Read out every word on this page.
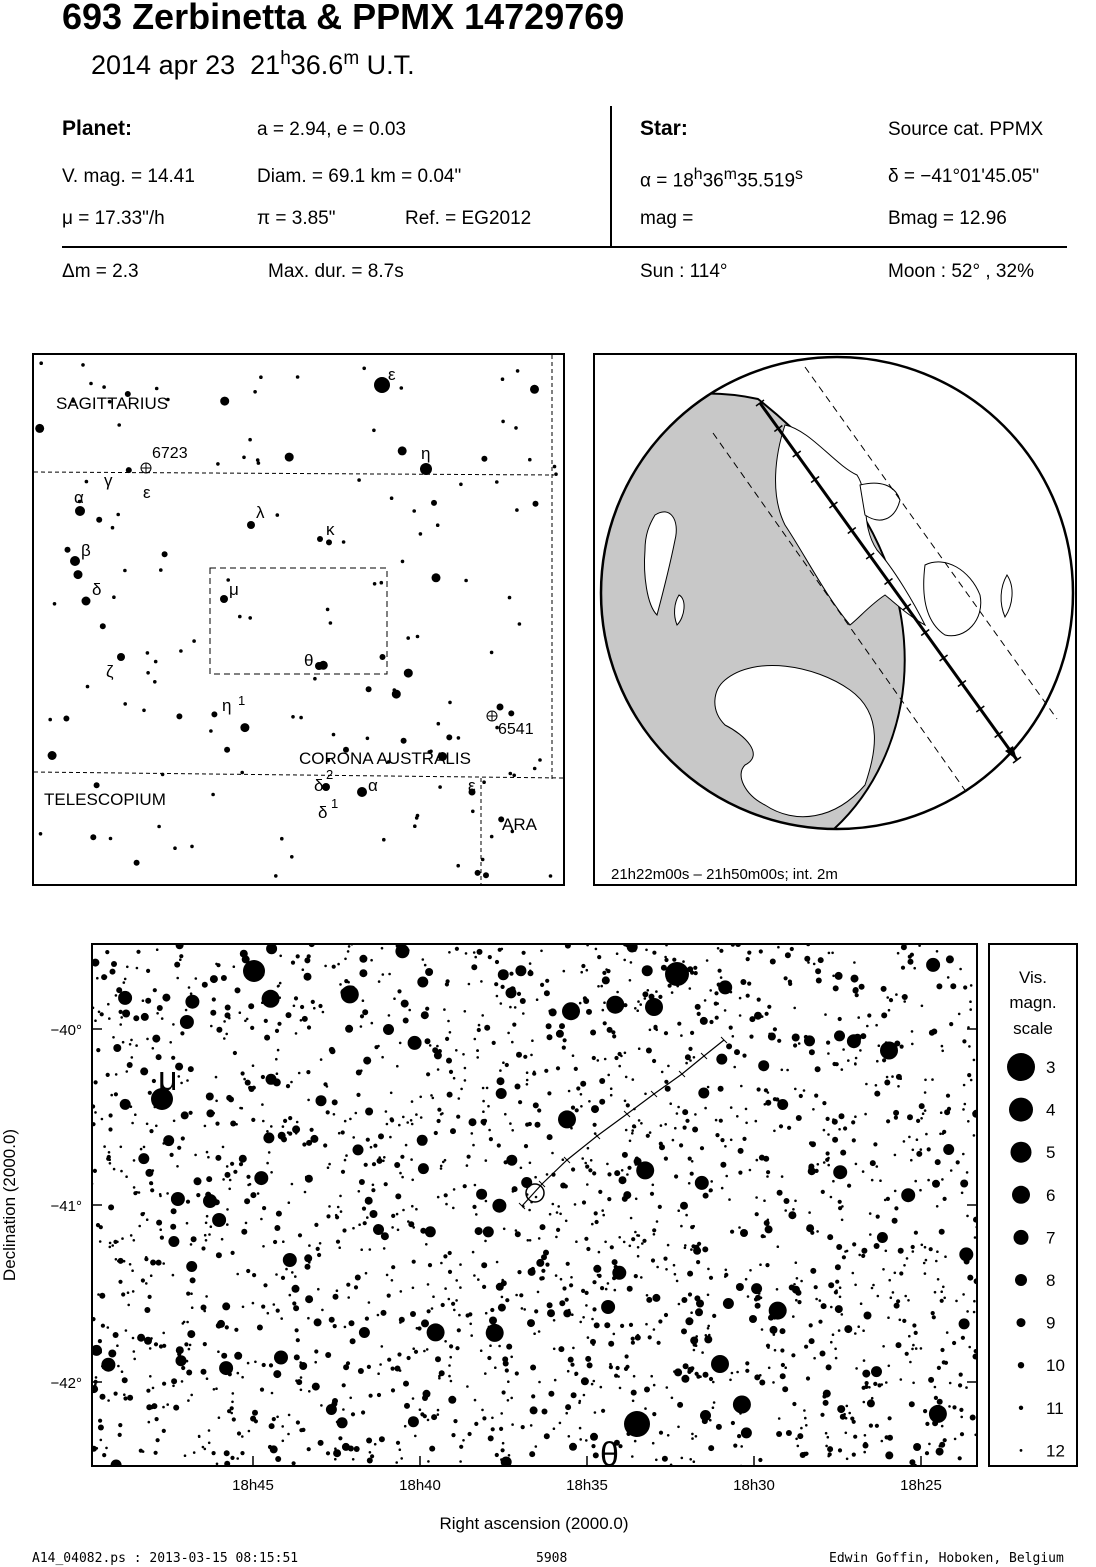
693 Zerbinetta & PPMX 14729769
2014 apr 23 21$^h$36.6$^m$ U.T.
Planet:	a = 2.94, e = 0.03
V. mag. = 14.41	Diam. = 69.1 km = 0.04"
μ = 17.33"/h	π = 3.85"	Ref. = EG2012
Star:	Source cat. PPMX
$\alpha = 18^h36^m35.519^s$	δ = −41°01'45.05"
mag =	Bmag = 12.96
Δm = 2.3	Max. dur. = 8.7s	Sun : 114°	Moon : 52° , 32%
SAGITTARIUS
CORONA AUSTRALIS
TELESCOPIUM
ARA
6723
6541
ε
η
γ
ε
α
λ
κ
β
δ	μ
θ
ζ
η 1
δ
2
α	ε
δ 1
21h22m00s – 21h50m00s; int. 2m
μ
θ
−40°
−41°
−42°
18h45	18h40	18h35	18h30	18h25
Right ascension (2000.0)
Declination (2000.0)
Vis.
magn.
scale
3
4
5
6
7
8
9
10
11
12
A14_04082.ps : 2013-03-15 08:15:51	5908	Edwin Goffin, Hoboken, Belgium
